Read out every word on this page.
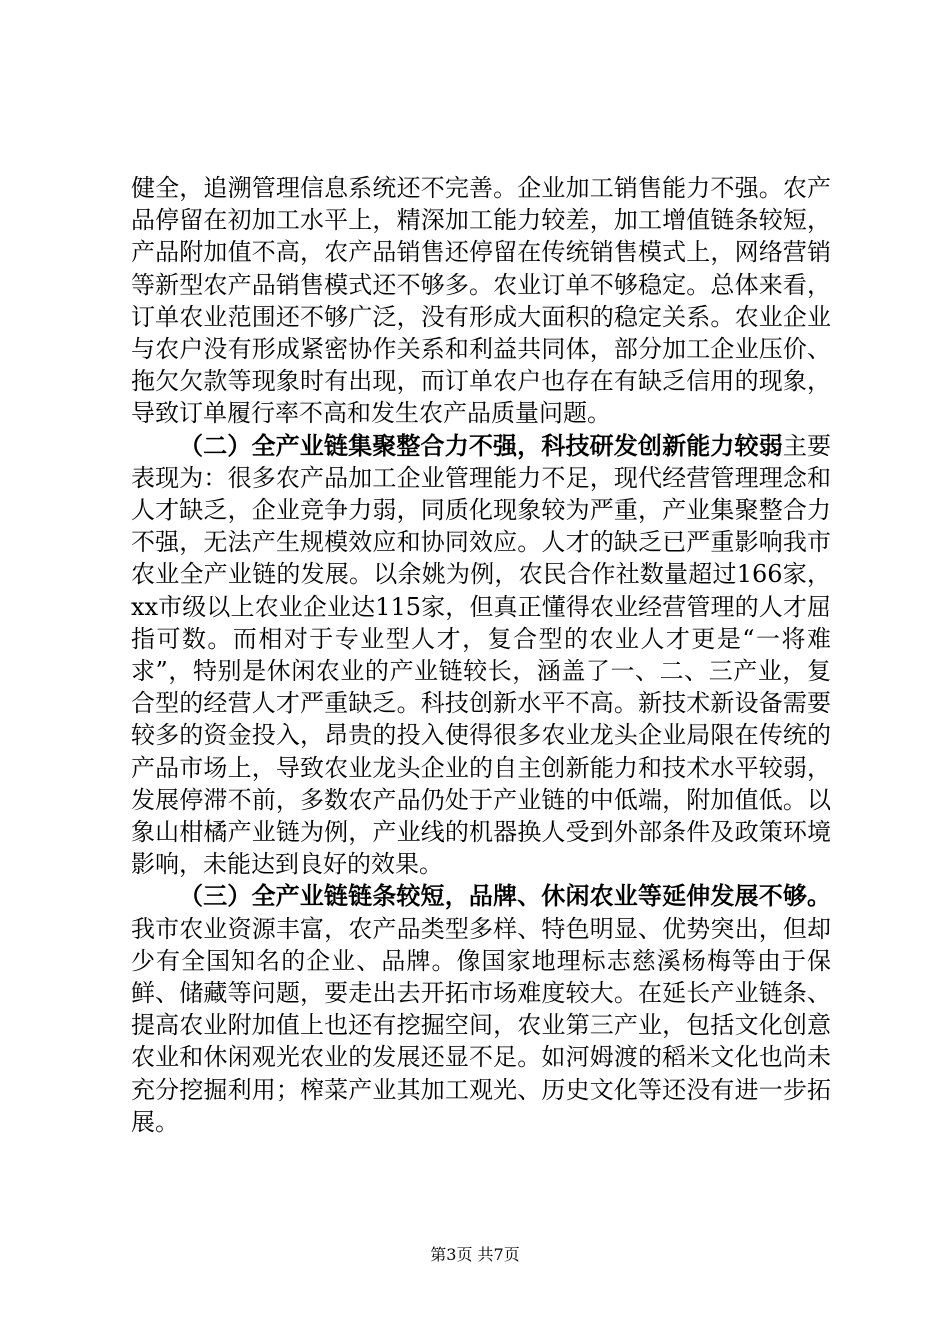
健全，追溯管理信息系统还不完善。企业加工销售能力不强。农产品停留在初加工水平上，精深加工能力较差，加工增值链条较短，产品附加值不高，农产品销售还停留在传统销售模式上，网络营销等新型农产品销售模式还不够多。农业订单不够稳定。总体来看，订单农业范围还不够广泛，没有形成大面积的稳定关系。农业企业与农户没有形成紧密协作关系和利益共同体，部分加工企业压价、拖欠欠款等现象时有出现，而订单农户也存在有缺乏信用的现象，导致订单履行率不高和发生农产品质量问题。

（二）全产业链集聚整合力不强，科技研发创新能力较弱主要表现为：很多农产品加工企业管理能力不足，现代经营管理理念和人才缺乏，企业竞争力弱，同质化现象较为严重，产业集聚整合力不强，无法产生规模效应和协同效应。人才的缺乏已严重影响我市农业全产业链的发展。以余姚为例，农民合作社数量超过166家，xx市级以上农业企业达115家，但真正懂得农业经营管理的人才屈指可数。而相对于专业型人才，复合型的农业人才更是“一将难求”，特别是休闲农业的产业链较长，涵盖了一、二、三产业，复合型的经营人才严重缺乏。科技创新水平不高。新技术新设备需要较多的资金投入，昂贵的投入使得很多农业龙头企业局限在传统的产品市场上，导致农业龙头企业的自主创新能力和技术水平较弱，发展停滞不前，多数农产品仍处于产业链的中低端，附加值低。以象山柑橘产业链为例，产业线的机器换人受到外部条件及政策环境影响，未能达到良好的效果。

（三）全产业链链条较短，品牌、休闲农业等延伸发展不够。我市农业资源丰富，农产品类型多样、特色明显、优势突出，但却少有全国知名的企业、品牌。像国家地理标志慈溪杨梅等由于保鲜、储藏等问题，要走出去开拓市场难度较大。在延长产业链条、提高农业附加值上也还有挖掘空间，农业第三产业，包括文化创意农业和休闲观光农业的发展还显不足。如河姆渡的稻米文化也尚未充分挖掘利用；榨菜产业其加工观光、历史文化等还没有进一步拓展。

第3页 共7页
